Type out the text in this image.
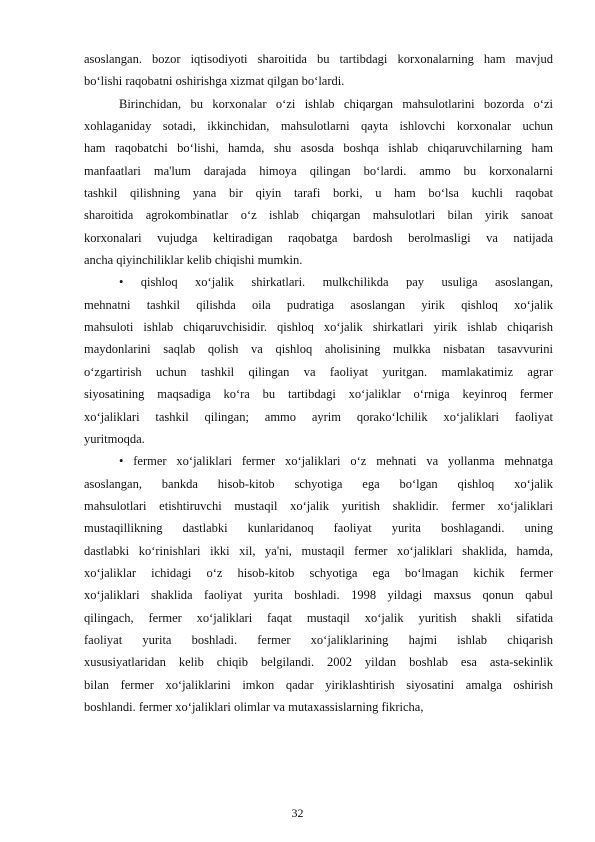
asoslangan. bozor iqtisodiyoti sharoitida bu tartibdagi korxonalarning ham mavjud
bo‘lishi raqobatni oshirishga xizmat qilgan bo‘lardi.
Birinchidan, bu korxonalar o‘zi ishlab chiqargan mahsulotlarini bozorda o‘zi
xohlaganiday sotadi, ikkinchidan, mahsulotlarni qayta ishlovchi korxonalar uchun
ham raqobatchi bo‘lishi, hamda, shu asosda boshqa ishlab chiqaruvchilarning ham
manfaatlari ma'lum darajada himoya qilingan bo‘lardi. ammo bu korxonalarni
tashkil qilishning yana bir qiyin tarafi borki, u ham bo‘lsa kuchli raqobat
sharoitida agrokombinatlar o‘z ishlab chiqargan mahsulotlari bilan yirik sanoat
korxonalari vujudga keltiradigan raqobatga bardosh berolmasligi va natijada
ancha qiyinchiliklar kelib chiqishi mumkin.
• qishloq xo‘jalik shirkatlari. mulkchilikda pay usuliga asoslangan,
mehnatni tashkil qilishda oila pudratiga asoslangan yirik qishloq xo‘jalik
mahsuloti ishlab chiqaruvchisidir. qishloq xo‘jalik shirkatlari yirik ishlab chiqarish
maydonlarini saqlab qolish va qishloq aholisining mulkka nisbatan tasavvurini
o‘zgartirish uchun tashkil qilingan va faoliyat yuritgan. mamlakatimiz agrar
siyosatining maqsadiga ko‘ra bu tartibdagi xo‘jaliklar o‘rniga keyinroq fermer
xo‘jaliklari tashkil qilingan; ammo ayrim qorako‘lchilik xo‘jaliklari faoliyat
yuritmoqda.
• fermer xo‘jaliklari fermer xo‘jaliklari o‘z mehnati va yollanma mehnatga
asoslangan, bankda hisob-kitob schyotiga ega bo‘lgan qishloq xo‘jalik
mahsulotlari etishtiruvchi mustaqil xo‘jalik yuritish shaklidir. fermer xo‘jaliklari
mustaqillikning dastlabki kunlaridanoq faoliyat yurita boshlagandi. uning
dastlabki ko‘rinishlari ikki xil, ya'ni, mustaqil fermer xo‘jaliklari shaklida, hamda,
xo‘jaliklar ichidagi o‘z hisob-kitob schyotiga ega bo‘lmagan kichik fermer
xo‘jaliklari shaklida faoliyat yurita boshladi. 1998 yildagi maxsus qonun qabul
qilingach, fermer xo‘jaliklari faqat mustaqil xo‘jalik yuritish shakli sifatida
faoliyat yurita boshladi. fermer xo‘jaliklarining hajmi ishlab chiqarish
xususiyatlaridan kelib chiqib belgilandi. 2002 yildan boshlab esa asta-sekinlik
bilan fermer xo‘jaliklarini imkon qadar yiriklashtirish siyosatini amalga oshirish
boshlandi. fermer xo‘jaliklari olimlar va mutaxassislarning fikricha,
32
